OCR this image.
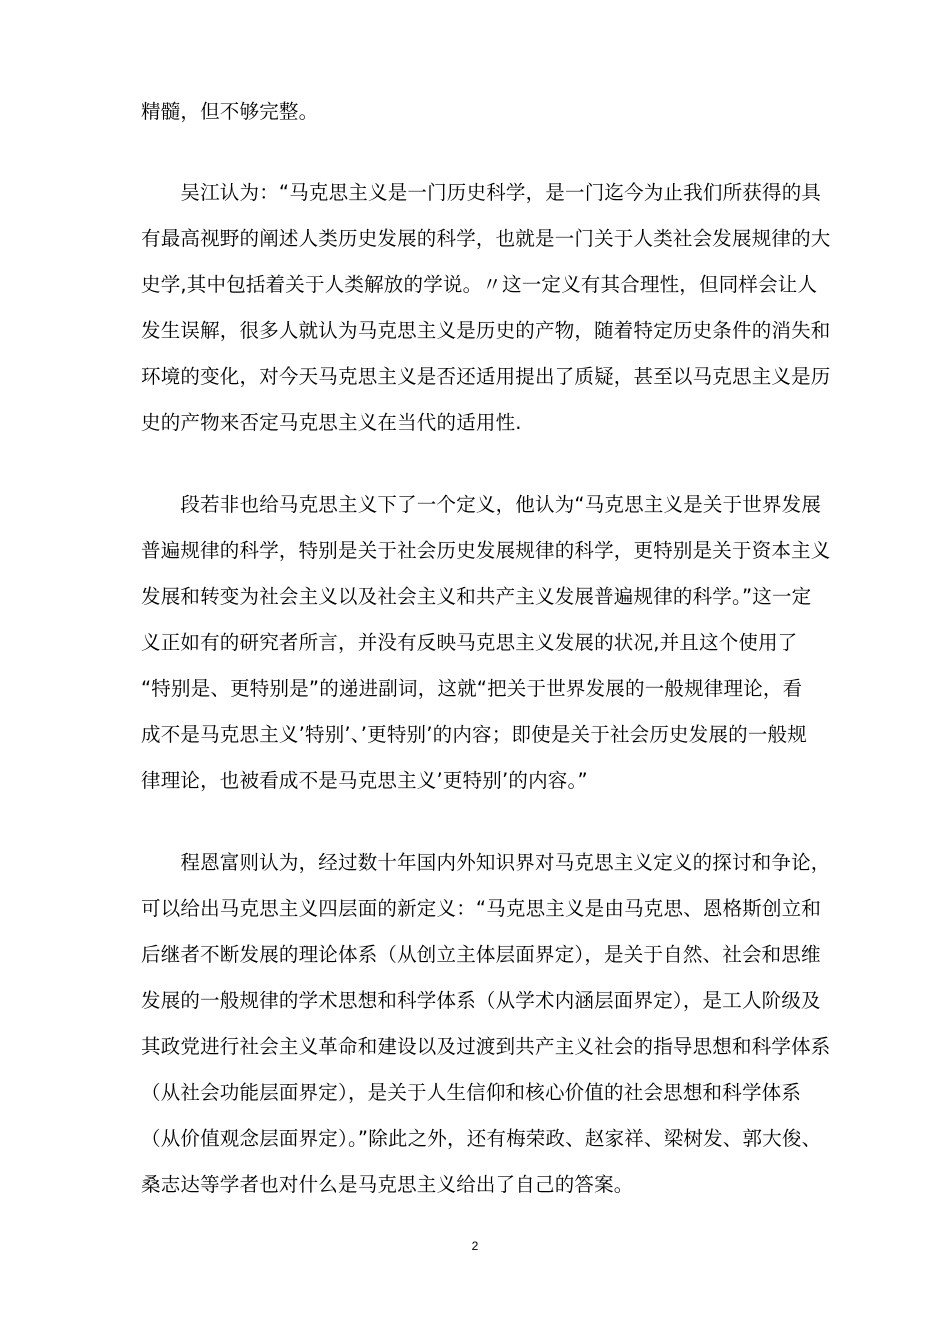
精髓，但不够完整。
　　吴江认为：“马克思主义是一门历史科学，是一门迄今为止我们所获得的具
有最高视野的阐述人类历史发展的科学，也就是一门关于人类社会发展规律的大
史学,其中包括着关于人类解放的学说。〃这一定义有其合理性，但同样会让人
发生误解，很多人就认为马克思主义是历史的产物，随着特定历史条件的消失和
环境的变化，对今天马克思主义是否还适用提出了质疑，甚至以马克思主义是历
史的产物来否定马克思主义在当代的适用性.
　　段若非也给马克思主义下了一个定义，他认为“马克思主义是关于世界发展
普遍规律的科学，特别是关于社会历史发展规律的科学，更特别是关于资本主义
发展和转变为社会主义以及社会主义和共产主义发展普遍规律的科学。”这一定
义正如有的研究者所言，并没有反映马克思主义发展的状况,并且这个使用了
“特别是、更特别是”的递进副词，这就“把关于世界发展的一般规律理论，看
成不是马克思主义’特别’、’更特别’的内容；即使是关于社会历史发展的一般规
律理论，也被看成不是马克思主义’更特别’的内容。”
　　程恩富则认为，经过数十年国内外知识界对马克思主义定义的探讨和争论，
可以给出马克思主义四层面的新定义：“马克思主义是由马克思、恩格斯创立和
后继者不断发展的理论体系（从创立主体层面界定），是关于自然、社会和思维
发展的一般规律的学术思想和科学体系（从学术内涵层面界定），是工人阶级及
其政党进行社会主义革命和建设以及过渡到共产主义社会的指导思想和科学体系
（从社会功能层面界定），是关于人生信仰和核心价值的社会思想和科学体系
（从价值观念层面界定）。”除此之外，还有梅荣政、赵家祥、梁树发、郭大俊、
桑志达等学者也对什么是马克思主义给出了自己的答案。
2
